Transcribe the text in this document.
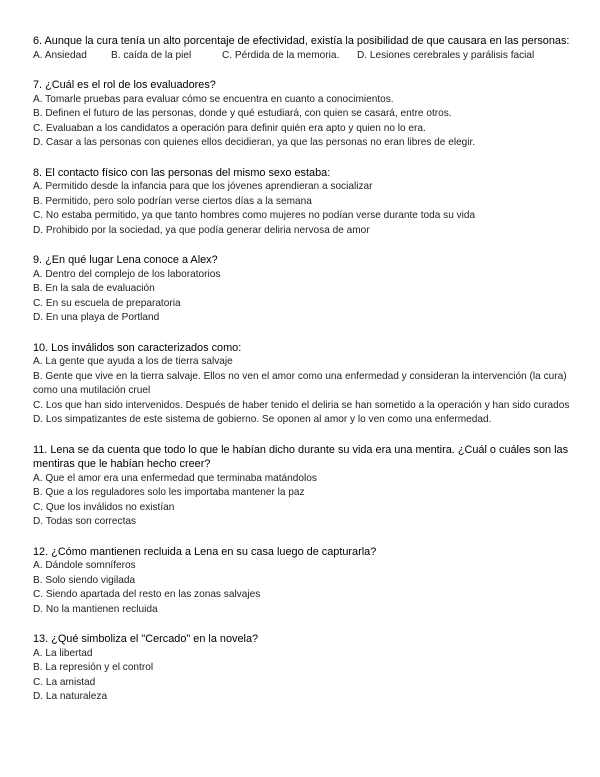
6. Aunque la cura tenía un alto porcentaje de efectividad, existía la posibilidad de que causara en las personas:
A. Ansiedad	B. caída de la piel	C. Pérdida de la memoria.	D. Lesiones cerebrales y parálisis facial
7. ¿Cuál es el rol de los evaluadores?
A. Tomarle pruebas para evaluar cómo se encuentra en cuanto a conocimientos.
B. Definen el futuro de las personas, donde y qué estudiará, con quien se casará, entre otros.
C. Evaluaban a los candidatos a operación para definir quién era apto y quien no lo era.
D. Casar a las personas con quienes ellos decidieran, ya que las personas no eran libres de elegir.
8. El contacto físico con las personas del mismo sexo estaba:
A. Permitido desde la infancia para que los jóvenes aprendieran a socializar
B. Permitido, pero solo podrían verse ciertos días a la semana
C. No estaba permitido, ya que tanto hombres como mujeres no podían verse durante toda su vida
D. Prohibido por la sociedad, ya que podía generar deliria nervosa de amor
9. ¿En qué lugar Lena conoce a Alex?
A. Dentro del complejo de los laboratorios
B. En la sala de evaluación
C. En su escuela de preparatoria
D. En una playa de Portland
10. Los inválidos son caracterizados como:
A. La gente que ayuda a los de tierra salvaje
B. Gente que vive en la tierra salvaje. Ellos no ven el amor como una enfermedad y consideran la intervención (la cura) como una mutilación cruel
C. Los que han sido intervenidos. Después de haber tenido el deliria se han sometido a la operación y han sido curados
D. Los simpatizantes de este sistema de gobierno. Se oponen al amor y lo ven como una enfermedad.
11. Lena se da cuenta que todo lo que le habían dicho durante su vida era una mentira. ¿Cuál o cuáles son las mentiras que le habían hecho creer?
A. Que el amor era una enfermedad que terminaba matándolos
B. Que a los reguladores solo les importaba mantener la paz
C. Que los inválidos no existían
D. Todas son correctas
12. ¿Cómo mantienen recluida a Lena en su casa luego de capturarla?
A. Dándole somníferos
B. Solo siendo vigilada
C. Siendo apartada del resto en las zonas salvajes
D. No la mantienen recluida
13. ¿Qué simboliza el "Cercado" en la novela?
A. La libertad
B. La represión y el control
C. La amistad
D. La naturaleza
